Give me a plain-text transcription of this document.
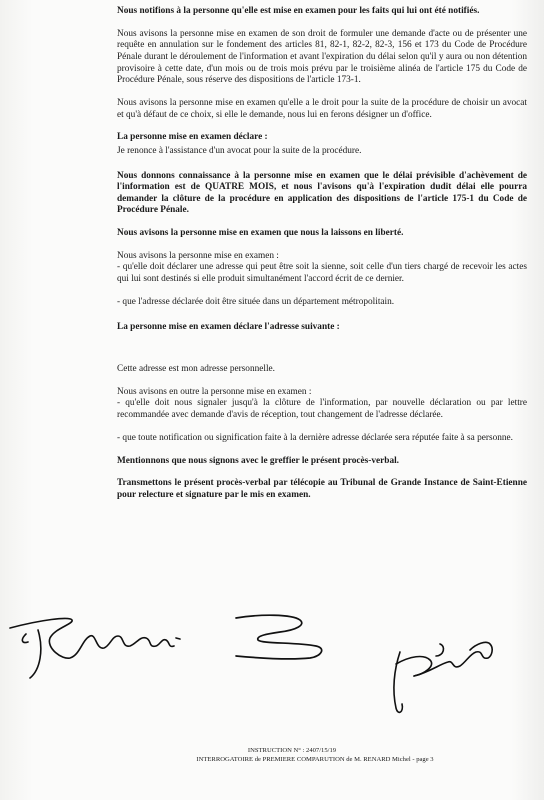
Nous notifions à la personne qu'elle est mise en examen pour les faits qui lui ont été notifiés.

Nous avisons la personne mise en examen de son droit de formuler une demande d'acte ou de présenter une requête en annulation sur le fondement des articles 81, 82-1, 82-2, 82-3, 156 et 173 du Code de Procédure Pénale durant le déroulement de l'information et avant l'expiration du délai selon qu'il y aura ou non détention provisoire à cette date, d'un mois ou de trois mois prévu par le troisième alinéa de l'article 175 du Code de Procédure Pénale, sous réserve des dispositions de l'article 173-1.

Nous avisons la personne mise en examen qu'elle a le droit pour la suite de la procédure de choisir un avocat et qu'à défaut de ce choix, si elle le demande, nous lui en ferons désigner un d'office.

La personne mise en examen déclare :

Je renonce à l'assistance d'un avocat pour la suite de la procédure.

Nous donnons connaissance à la personne mise en examen que le délai prévisible d'achèvement de l'information est de QUATRE MOIS, et nous l'avisons qu'à l'expiration dudit délai elle pourra demander la clôture de la procédure en application des dispositions de l'article 175-1 du Code de Procédure Pénale.

Nous avisons la personne mise en examen que nous la laissons en liberté.

Nous avisons la personne mise en examen :

- qu'elle doit déclarer une adresse qui peut être soit la sienne, soit celle d'un tiers chargé de recevoir les actes qui lui sont destinés si elle produit simultanément l'accord écrit de ce dernier.

- que l'adresse déclarée doit être située dans un département métropolitain.

La personne mise en examen déclare l'adresse suivante :

Cette adresse est mon adresse personnelle.

Nous avisons en outre la personne mise en examen :

- qu'elle doit nous signaler jusqu'à la clôture de l'information, par nouvelle déclaration ou par lettre recommandée avec demande d'avis de réception, tout changement de l'adresse déclarée.

- que toute notification ou signification faite à la dernière adresse déclarée sera réputée faite à sa personne.

Mentionnons que nous signons avec le greffier le présent procès-verbal.

Transmettons le présent procès-verbal par télécopie au Tribunal de Grande Instance de Saint-Etienne pour relecture et signature par le mis en examen.

INSTRUCTION N° : 2407/15/19
INTERROGATOIRE de PREMIERE COMPARUTION de M. RENARD Michel - page 3
